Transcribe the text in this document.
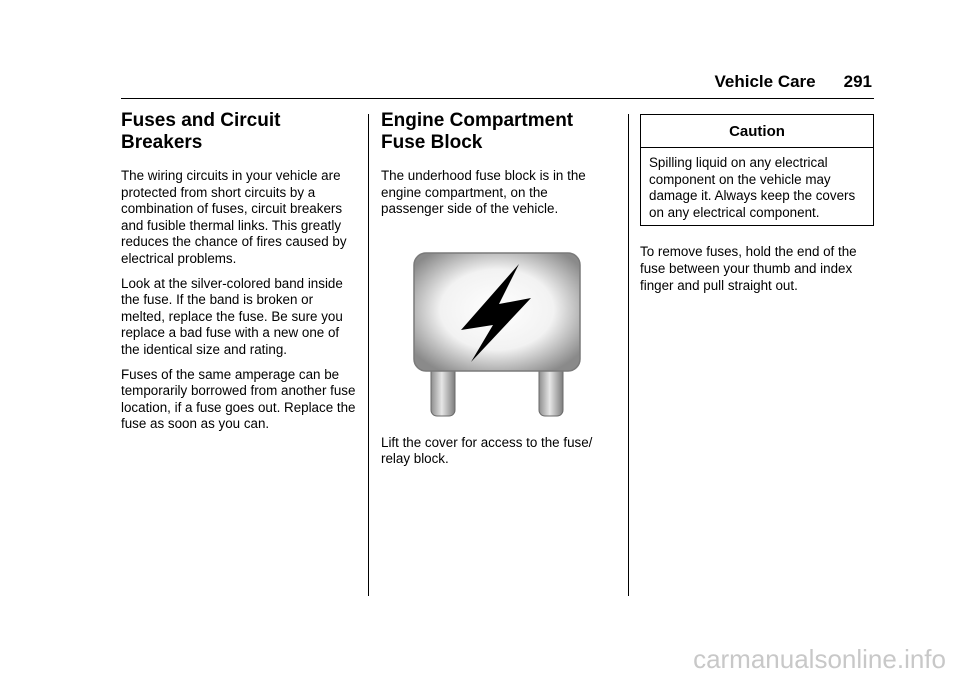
Vehicle Care 291
Fuses and Circuit
Breakers

The wiring circuits in your vehicle are protected from short circuits by a combination of fuses, circuit breakers and fusible thermal links. This greatly reduces the chance of fires caused by electrical problems.

Look at the silver-colored band inside the fuse. If the band is broken or melted, replace the fuse. Be sure you replace a bad fuse with a new one of the identical size and rating.

Fuses of the same amperage can be temporarily borrowed from another fuse location, if a fuse goes out. Replace the fuse as soon as you can.

Engine Compartment
Fuse Block

The underhood fuse block is in the engine compartment, on the passenger side of the vehicle.

Lift the cover for access to the fuse/ relay block.

Caution
Spilling liquid on any electrical component on the vehicle may damage it. Always keep the covers on any electrical component.

To remove fuses, hold the end of the fuse between your thumb and index finger and pull straight out.

carmanualsonline.info
